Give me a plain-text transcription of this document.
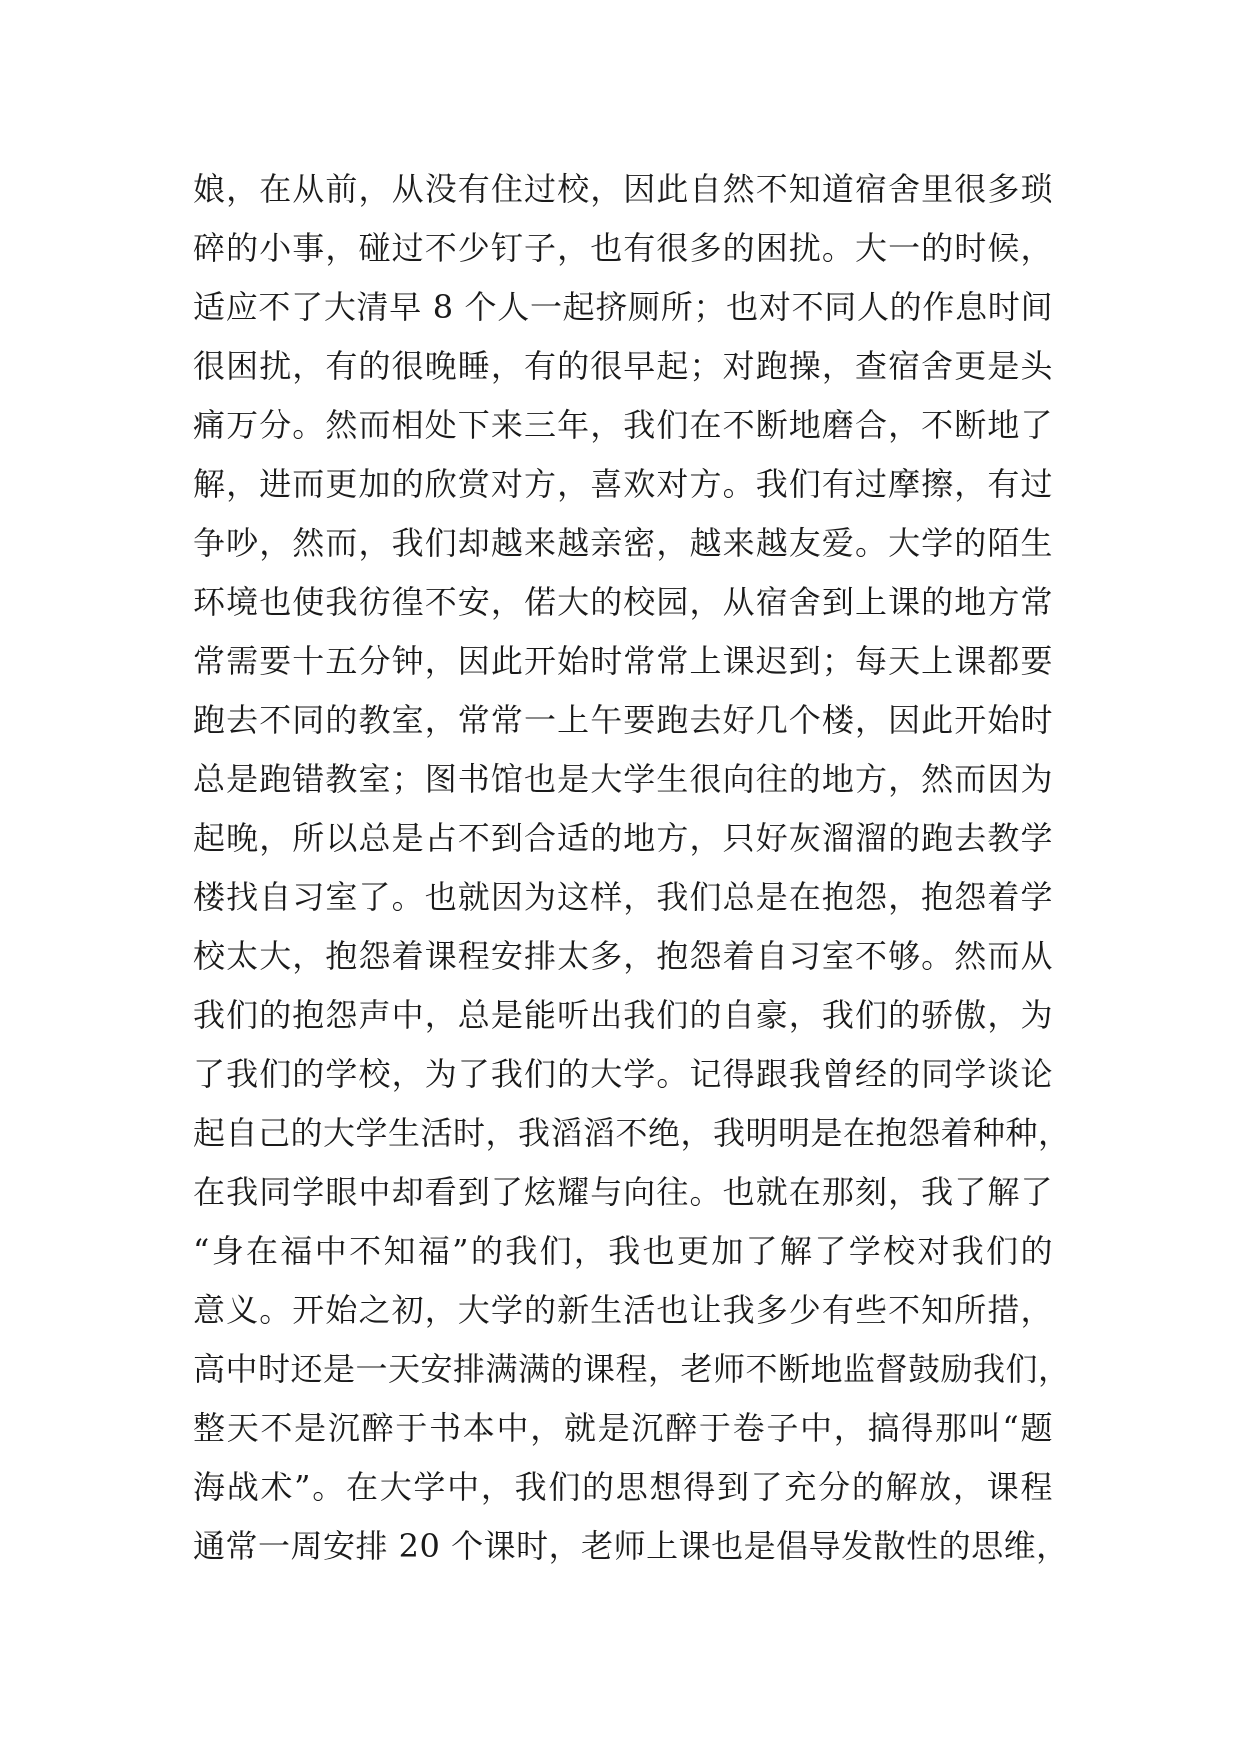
娘，在从前，从没有住过校，因此自然不知道宿舍里很多琐
碎的小事，碰过不少钉子，也有很多的困扰。大一的时候，
适应不了大清早 8 个人一起挤厕所；也对不同人的作息时间
很困扰，有的很晚睡，有的很早起；对跑操，查宿舍更是头
痛万分。然而相处下来三年，我们在不断地磨合，不断地了
解，进而更加的欣赏对方，喜欢对方。我们有过摩擦，有过
争吵，然而，我们却越来越亲密，越来越友爱。大学的陌生
环境也使我彷徨不安，偌大的校园，从宿舍到上课的地方常
常需要十五分钟，因此开始时常常上课迟到；每天上课都要
跑去不同的教室，常常一上午要跑去好几个楼，因此开始时
总是跑错教室；图书馆也是大学生很向往的地方，然而因为
起晚，所以总是占不到合适的地方，只好灰溜溜的跑去教学
楼找自习室了。也就因为这样，我们总是在抱怨，抱怨着学
校太大，抱怨着课程安排太多，抱怨着自习室不够。然而从
我们的抱怨声中，总是能听出我们的自豪，我们的骄傲，为
了我们的学校，为了我们的大学。记得跟我曾经的同学谈论
起自己的大学生活时，我滔滔不绝，我明明是在抱怨着种种，
在我同学眼中却看到了炫耀与向往。也就在那刻，我了解了
“身在福中不知福”的我们，我也更加了解了学校对我们的
意义。开始之初，大学的新生活也让我多少有些不知所措，
高中时还是一天安排满满的课程，老师不断地监督鼓励我们，
整天不是沉醉于书本中，就是沉醉于卷子中，搞得那叫“题
海战术”。在大学中，我们的思想得到了充分的解放，课程
通常一周安排 20 个课时，老师上课也是倡导发散性的思维，
